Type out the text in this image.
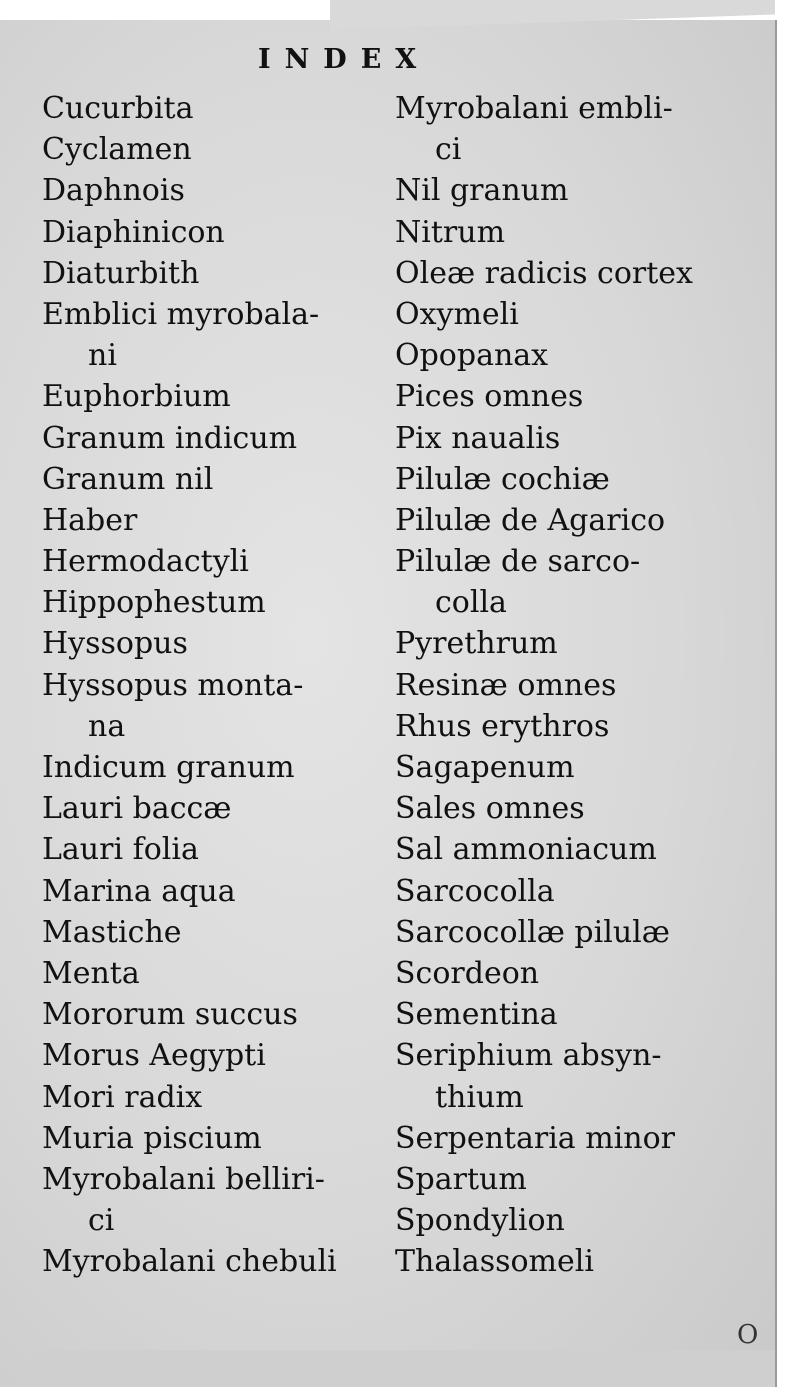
INDEX
Cucurbita
Cyclamen
Daphnois
Diaphinicon
Diaturbith
Emblici myrobala-
ni
Euphorbium
Granum indicum
Granum nil
Haber
Hermodactyli
Hippophestum
Hyssopus
Hyssopus monta-
na
Indicum granum
Lauri baccæ
Lauri folia
Marina aqua
Mastiche
Menta
Mororum succus
Morus Aegypti
Mori radix
Muria piscium
Myrobalani belliri-
ci
Myrobalani chebuli
Myrobalani embli-
ci
Nil granum
Nitrum
Oleæ radicis cortex
Oxymeli
Opopanax
Pices omnes
Pix naualis
Pilulæ cochiæ
Pilulæ de Agarico
Pilulæ de sarco-
colla
Pyrethrum
Resinæ omnes
Rhus erythros
Sagapenum
Sales omnes
Sal ammoniacum
Sarcocolla
Sarcocollæ pilulæ
Scordeon
Sementina
Seriphium absyn-
thium
Serpentaria minor
Spartum
Spondylion
Thalassomeli
O
